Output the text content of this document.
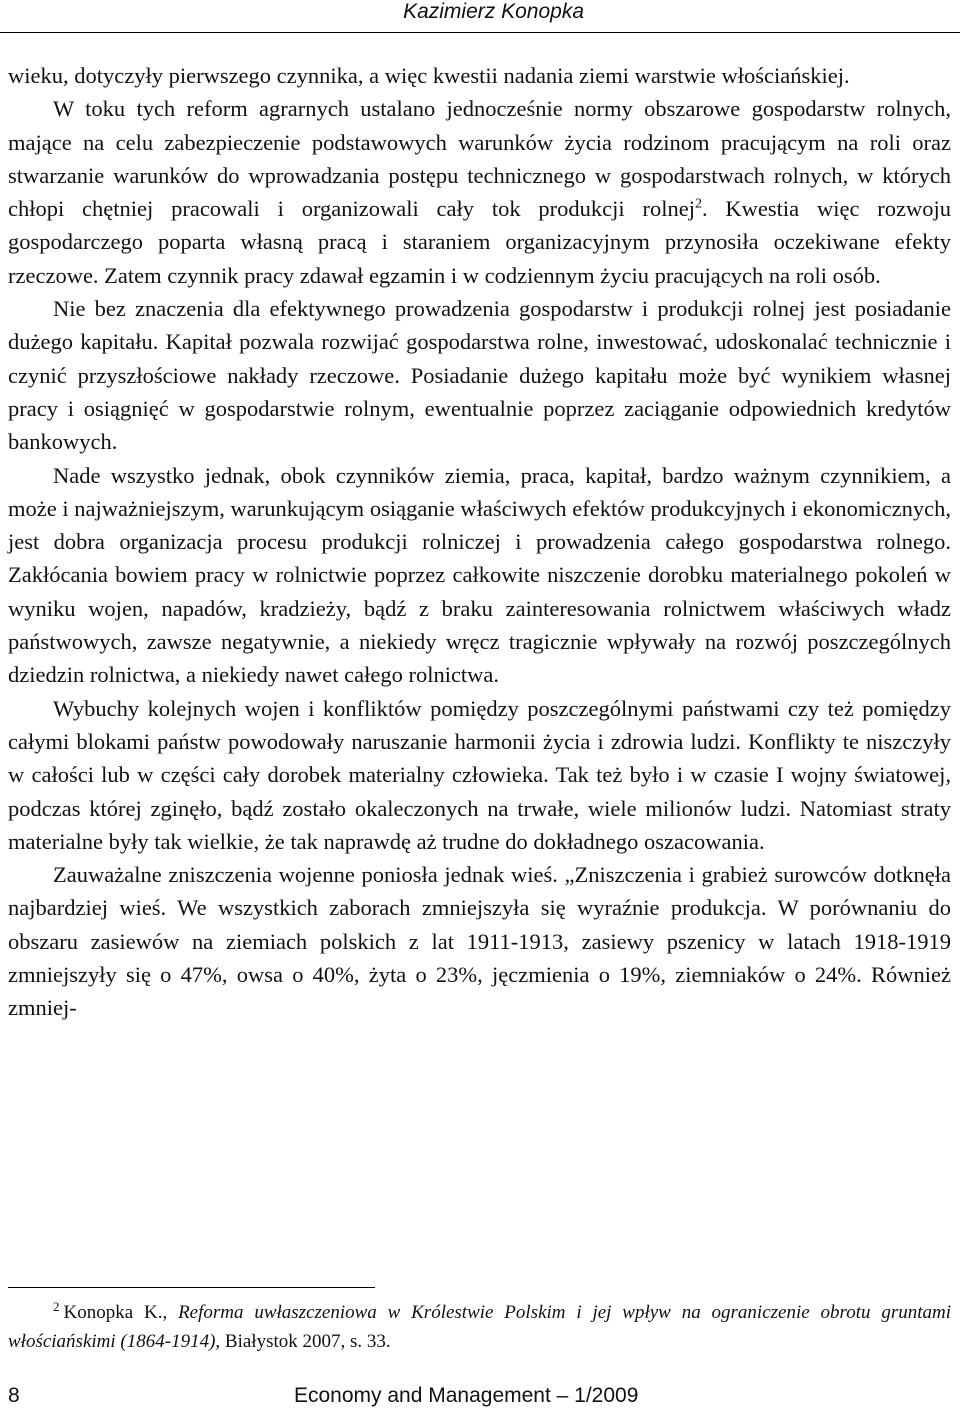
Kazimierz Konopka

wieku, dotyczyły pierwszego czynnika, a więc kwestii nadania ziemi warstwie włościańskiej.

W toku tych reform agrarnych ustalano jednocześnie normy obszarowe gospodarstw rolnych, mające na celu zabezpieczenie podstawowych warunków życia rodzinom pracującym na roli oraz stwarzanie warunków do wprowadzania postępu technicznego w gospodarstwach rolnych, w których chłopi chętniej pracowali i organizowali cały tok produkcji rolnej$^2$. Kwestia więc rozwoju gospodarczego poparta własną pracą i staraniem organizacyjnym przynosiła oczekiwane efekty rzeczowe. Zatem czynnik pracy zdawał egzamin i w codziennym życiu pracujących na roli osób.

Nie bez znaczenia dla efektywnego prowadzenia gospodarstw i produkcji rolnej jest posiadanie dużego kapitału. Kapitał pozwala rozwijać gospodarstwa rolne, inwestować, udoskonalać technicznie i czynić przyszłościowe nakłady rzeczowe. Posiadanie dużego kapitału może być wynikiem własnej pracy i osiągnięć w gospodarstwie rolnym, ewentualnie poprzez zaciąganie odpowiednich kredytów bankowych.

Nade wszystko jednak, obok czynników ziemia, praca, kapitał, bardzo ważnym czynnikiem, a może i najważniejszym, warunkującym osiąganie właściwych efektów produkcyjnych i ekonomicznych, jest dobra organizacja procesu produkcji rolniczej i prowadzenia całego gospodarstwa rolnego. Zakłócania bowiem pracy w rolnictwie poprzez całkowite niszczenie dorobku materialnego pokoleń w wyniku wojen, napadów, kradzieży, bądź z braku zainteresowania rolnictwem właściwych władz państwowych, zawsze negatywnie, a niekiedy wręcz tragicznie wpływały na rozwój poszczególnych dziedzin rolnictwa, a niekiedy nawet całego rolnictwa.

Wybuchy kolejnych wojen i konfliktów pomiędzy poszczególnymi państwami czy też pomiędzy całymi blokami państw powodowały naruszanie harmonii życia i zdrowia ludzi. Konflikty te niszczyły w całości lub w części cały dorobek materialny człowieka. Tak też było i w czasie I wojny światowej, podczas której zginęło, bądź zostało okaleczonych na trwałe, wiele milionów ludzi. Natomiast straty materialne były tak wielkie, że tak naprawdę aż trudne do dokładnego oszacowania.

Zauważalne zniszczenia wojenne poniosła jednak wieś. „Zniszczenia i grabież surowców dotknęła najbardziej wieś. We wszystkich zaborach zmniejszyła się wyraźnie produkcja. W porównaniu do obszaru zasiewów na ziemiach polskich z lat 1911-1913, zasiewy pszenicy w latach 1918-1919 zmniejszyły się o 47%, owsa o 40%, żyta o 23%, jęczmienia o 19%, ziemniaków o 24%. Również zmniej-

$^2$ Konopka K., Reforma uwłaszczeniowa w Królestwie Polskim i jej wpływ na ograniczenie obrotu gruntami włościańskimi (1864-1914), Białystok 2007, s. 33.
8	Economy and Management – 1/2009
